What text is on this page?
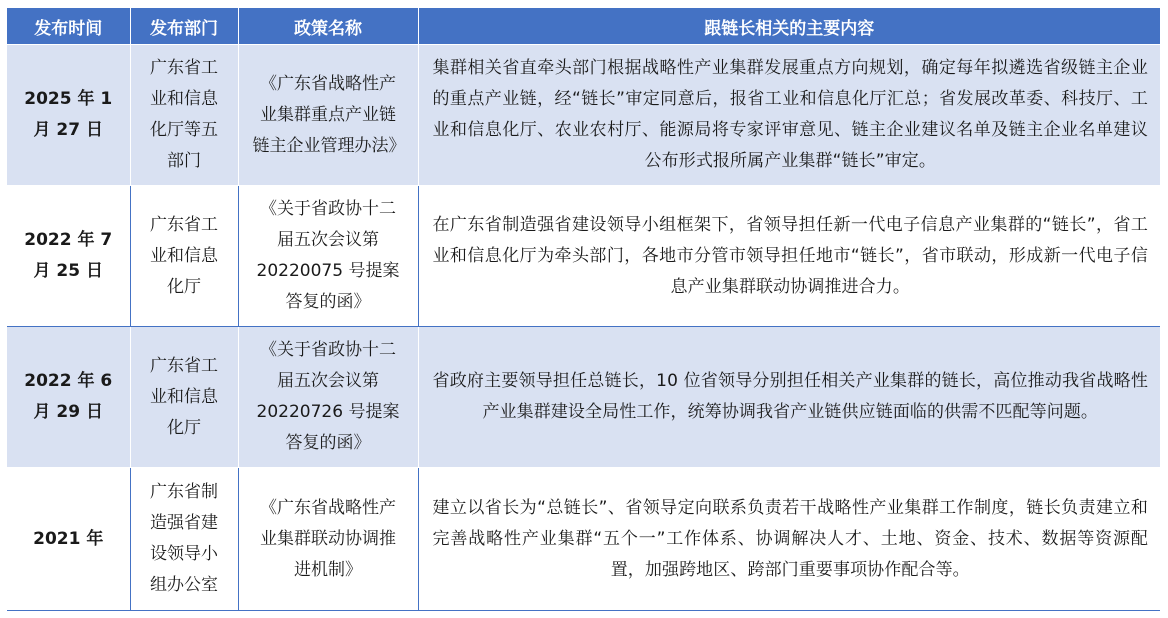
发布时间	发布部门	政策名称	跟链长相关的主要内容
2025 年 1 月 27 日	广东省工业和信息化厅等五部门	《广东省战略性产业集群重点产业链链主企业管理办法》	集群相关省直牵头部门根据战略性产业集群发展重点方向规划，确定每年拟遴选省级链主企业的重点产业链，经“链长”审定同意后，报省工业和信息化厅汇总；省发展改革委、科技厅、工业和信息化厅、农业农村厅、能源局将专家评审意见、链主企业建议名单及链主企业名单建议公布形式报所属产业集群“链长”审定。
2022 年 7 月 25 日	广东省工业和信息化厅	《关于省政协十二届五次会议第 20220075 号提案答复的函》	在广东省制造强省建设领导小组框架下，省领导担任新一代电子信息产业集群的“链长”，省工业和信息化厅为牵头部门，各地市分管市领导担任地市“链长”，省市联动，形成新一代电子信息产业集群联动协调推进合力。
2022 年 6 月 29 日	广东省工业和信息化厅	《关于省政协十二届五次会议第 20220726 号提案答复的函》	省政府主要领导担任总链长，10 位省领导分别担任相关产业集群的链长，高位推动我省战略性产业集群建设全局性工作，统筹协调我省产业链供应链面临的供需不匹配等问题。
2021 年	广东省制造强省建设领导小组办公室	《广东省战略性产业集群联动协调推进机制》	建立以省长为“总链长”、省领导定向联系负责若干战略性产业集群工作制度，链长负责建立和完善战略性产业集群“五个一”工作体系、协调解决人才、土地、资金、技术、数据等资源配置，加强跨地区、跨部门重要事项协作配合等。
